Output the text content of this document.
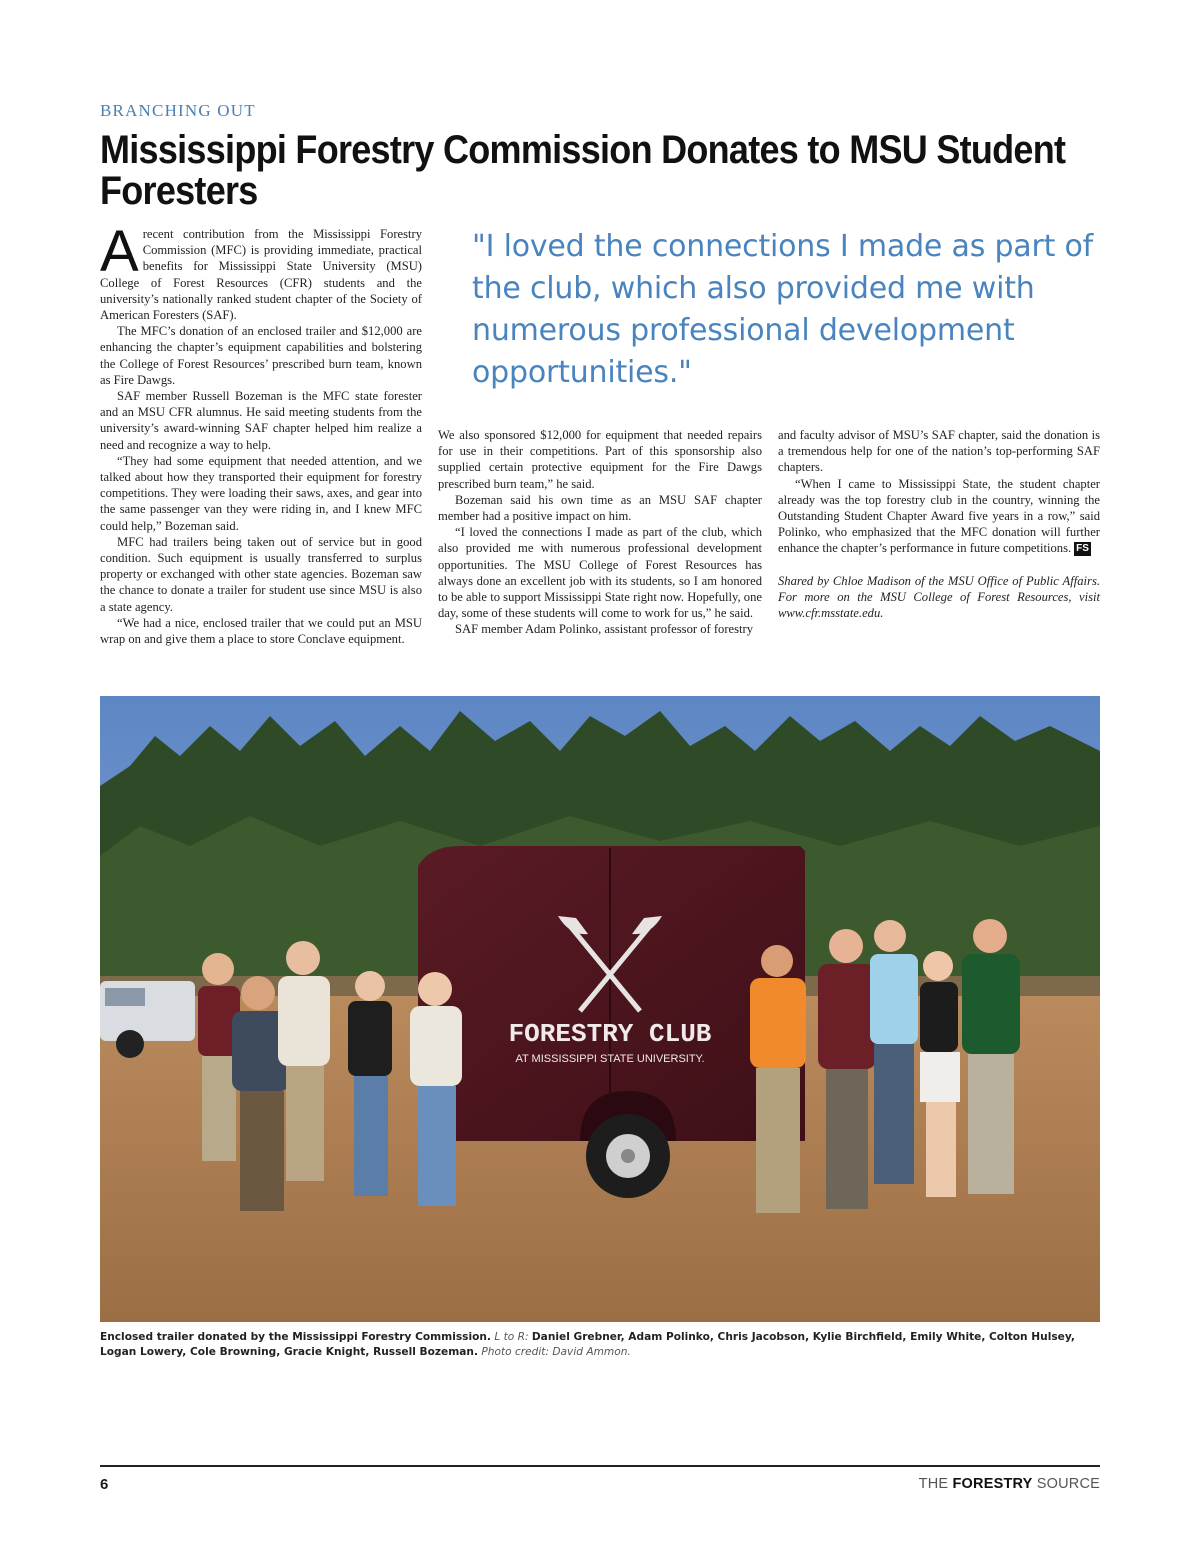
BRANCHING OUT
Mississippi Forestry Commission Donates to MSU Student Foresters

Arecent contribution from the Mississippi Forestry Commission (MFC) is providing immediate, practical benefits for Mississippi State University (MSU) College of Forest Resources (CFR) students and the university’s nationally ranked student chapter of the Society of American Foresters (SAF).

The MFC’s donation of an enclosed trailer and $12,000 are enhancing the chapter’s equipment capabilities and bolstering the College of Forest Resources’ prescribed burn team, known as Fire Dawgs.

SAF member Russell Bozeman is the MFC state forester and an MSU CFR alumnus. He said meeting students from the university’s award-winning SAF chapter helped him realize a need and recognize a way to help.

“They had some equipment that needed attention, and we talked about how they transported their equipment for forestry competitions. They were loading their saws, axes, and gear into the same passenger van they were riding in, and I knew MFC could help,” Bozeman said.

MFC had trailers being taken out of service but in good condition. Such equipment is usually transferred to surplus property or exchanged with other state agencies. Bozeman saw the chance to donate a trailer for student use since MSU is also a state agency.

“We had a nice, enclosed trailer that we could put an MSU wrap on and give them a place to store Conclave equipment.

"I loved the connections I made as part of the club, which also provided me with numerous professional development opportunities."

We also sponsored $12,000 for equipment that needed repairs for use in their competitions. Part of this sponsorship also supplied certain protective equipment for the Fire Dawgs prescribed burn team,” he said.

Bozeman said his own time as an MSU SAF chapter member had a positive impact on him.

“I loved the connections I made as part of the club, which also provided me with numerous professional development opportunities. The MSU College of Forest Resources has always done an excellent job with its students, so I am honored to be able to support Mississippi State right now. Hopefully, one day, some of these students will come to work for us,” he said.

SAF member Adam Polinko, assistant professor of forestry

and faculty advisor of MSU’s SAF chapter, said the donation is a tremendous help for one of the nation’s top-performing SAF chapters.

“When I came to Mississippi State, the student chapter already was the top forestry club in the country, winning the Outstanding Student Chapter Award five years in a row,” said Polinko, who emphasized that the MFC donation will further enhance the chapter’s performance in future competitions. FS

Shared by Chloe Madison of the MSU Office of Public Affairs. For more on the MSU College of Forest Resources, visit www.cfr.msstate.edu.

FORESTRY CLUB
AT MISSISSIPPI STATE UNIVERSITY.
Enclosed trailer donated by the Mississippi Forestry Commission. L to R: Daniel Grebner, Adam Polinko, Chris Jacobson, Kylie Birchfield, Emily White, Colton Hulsey, Logan Lowery, Cole Browning, Gracie Knight, Russell Bozeman. Photo credit: David Ammon.
6	THE FORESTRY SOURCE
